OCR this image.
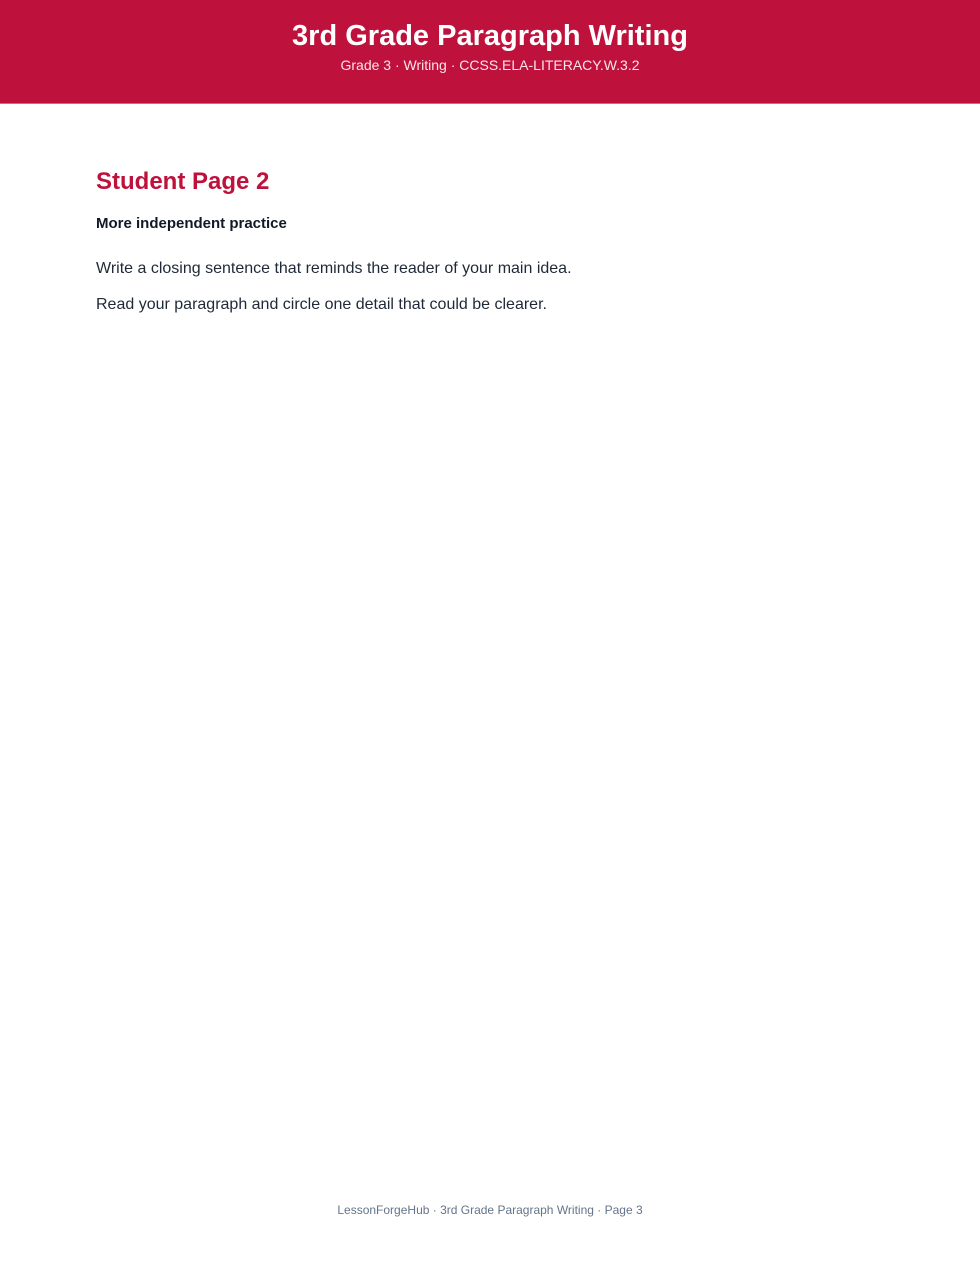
3rd Grade Paragraph Writing
Grade 3 · Writing · CCSS.ELA-LITERACY.W.3.2
Student Page 2
More independent practice
Write a closing sentence that reminds the reader of your main idea.
Read your paragraph and circle one detail that could be clearer.
LessonForgeHub · 3rd Grade Paragraph Writing · Page 3
